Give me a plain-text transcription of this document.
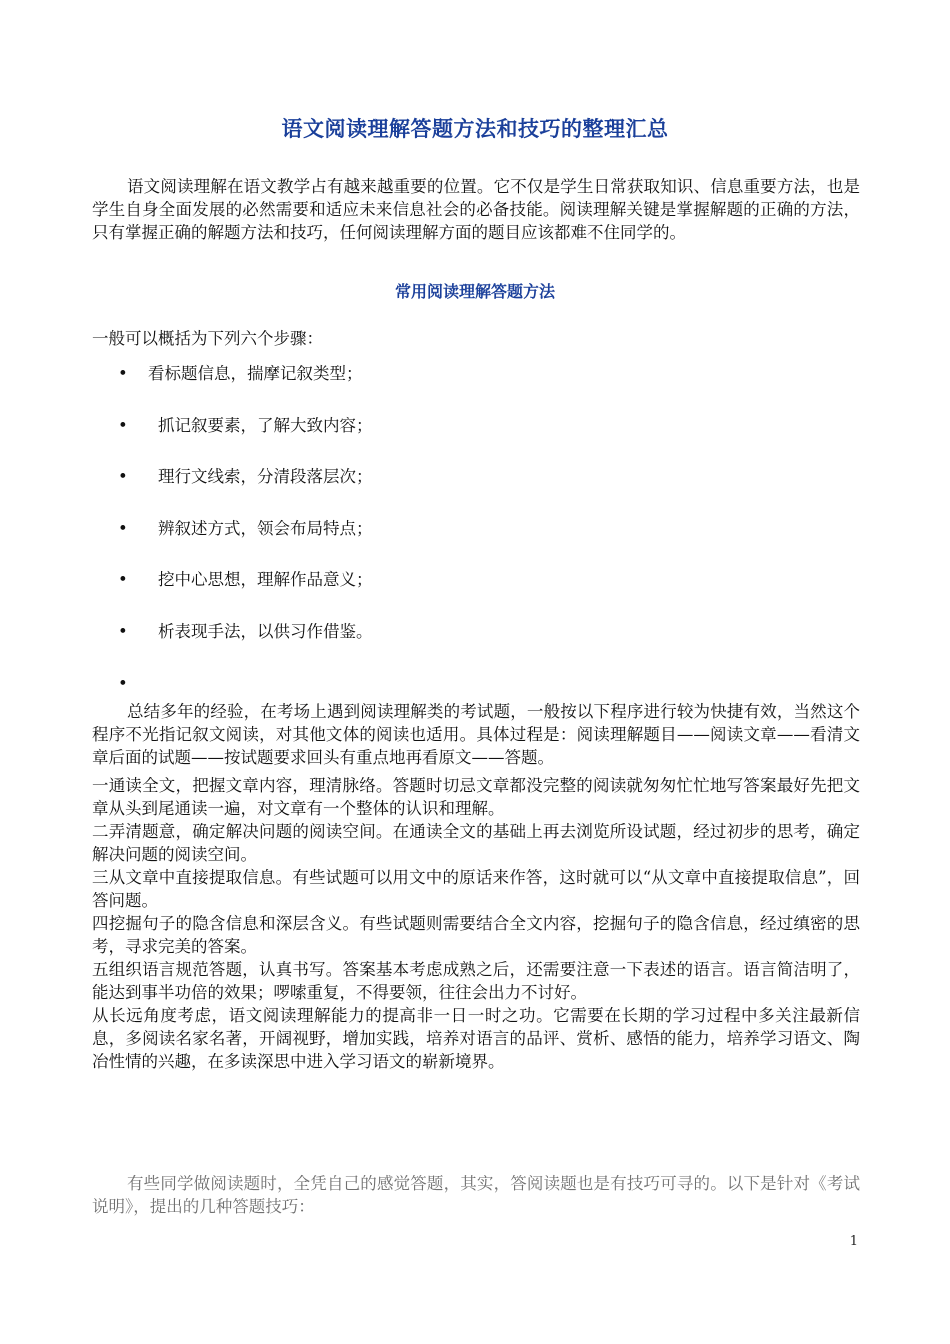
语文阅读理解答题方法和技巧的整理汇总

语文阅读理解在语文教学占有越来越重要的位置。它不仅是学生日常获取知识、信息重要方法，也是学生自身全面发展的必然需要和适应未来信息社会的必备技能。阅读理解关键是掌握解题的正确的方法，只有掌握正确的解题方法和技巧，任何阅读理解方面的题目应该都难不住同学的。

常用阅读理解答题方法

一般可以概括为下列六个步骤：

• 看标题信息，揣摩记叙类型；
• 抓记叙要素，了解大致内容；
• 理行文线索，分清段落层次；
• 辨叙述方式，领会布局特点；
• 挖中心思想，理解作品意义；
• 析表现手法，以供习作借鉴。
•

总结多年的经验，在考场上遇到阅读理解类的考试题，一般按以下程序进行较为快捷有效，当然这个程序不光指记叙文阅读，对其他文体的阅读也适用。具体过程是：阅读理解题目——阅读文章——看清文章后面的试题——按试题要求回头有重点地再看原文——答题。

一通读全文，把握文章内容，理清脉络。答题时切忌文章都没完整的阅读就匆匆忙忙地写答案最好先把文章从头到尾通读一遍，对文章有一个整体的认识和理解。

二弄清题意，确定解决问题的阅读空间。在通读全文的基础上再去浏览所设试题，经过初步的思考，确定解决问题的阅读空间。

三从文章中直接提取信息。有些试题可以用文中的原话来作答，这时就可以“从文章中直接提取信息”，回答问题。

四挖掘句子的隐含信息和深层含义。有些试题则需要结合全文内容，挖掘句子的隐含信息，经过缜密的思考，寻求完美的答案。

五组织语言规范答题，认真书写。答案基本考虑成熟之后，还需要注意一下表述的语言。语言简洁明了，能达到事半功倍的效果；啰嗦重复，不得要领，往往会出力不讨好。

从长远角度考虑，语文阅读理解能力的提高非一日一时之功。它需要在长期的学习过程中多关注最新信息，多阅读名家名著，开阔视野，增加实践，培养对语言的品评、赏析、感悟的能力，培养学习语文、陶冶性情的兴趣，在多读深思中进入学习语文的崭新境界。

有些同学做阅读题时，全凭自己的感觉答题，其实，答阅读题也是有技巧可寻的。以下是针对《考试说明》，提出的几种答题技巧：

1
